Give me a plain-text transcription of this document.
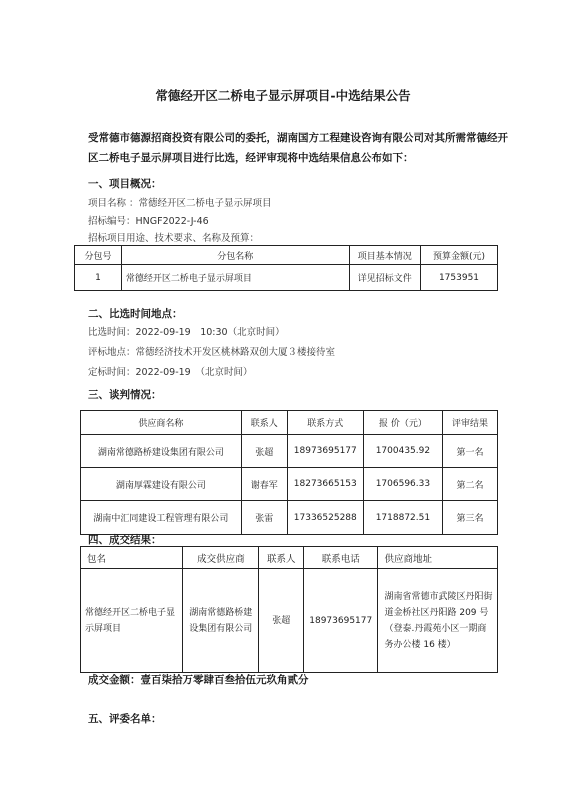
常德经开区二桥电子显示屏项目-中选结果公告
受常德市德源招商投资有限公司的委托，湖南国方工程建设咨询有限公司对其所需常德经开区二桥电子显示屏项目进行比选，经评审现将中选结果信息公布如下：
一、项目概况：
项目名称 ：常德经开区二桥电子显示屏项目
招标编号：HNGF2022-J-46
招标项目用途、技术要求、名称及预算：
分包号	分包名称	项目基本情况	预算金额(元)
1	常德经开区二桥电子显示屏项目	详见招标文件	1753951
二、比选时间地点：
比选时间：2022-09-19　10:30（北京时间）
评标地点：常德经济技术开发区桃林路双创大厦３楼接待室
定标时间：2022-09-19　（北京时间）
三、谈判情况：
供应商名称	联系人	联系方式	报 价（元）	评审结果
湖南常德路桥建设集团有限公司	张超	18973695177	1700435.92	第一名
湖南厚霖建设有限公司	谢春军	18273665153	1706596.33	第二名
湖南中汇同建设工程管理有限公司	张雷	17336525288	1718872.51	第三名
四、成交结果：
包名	成交供应商	联系人	联系电话	供应商地址
常德经开区二桥电子显示屏项目	湖南常德路桥建设集团有限公司	张超	18973695177	湖南省常德市武陵区丹阳街道金桥社区丹阳路 209 号（登泰.丹霞苑小区一期商务办公楼 16 楼）
成交金额：壹百柒拾万零肆百叁拾伍元玖角贰分
五、评委名单：
